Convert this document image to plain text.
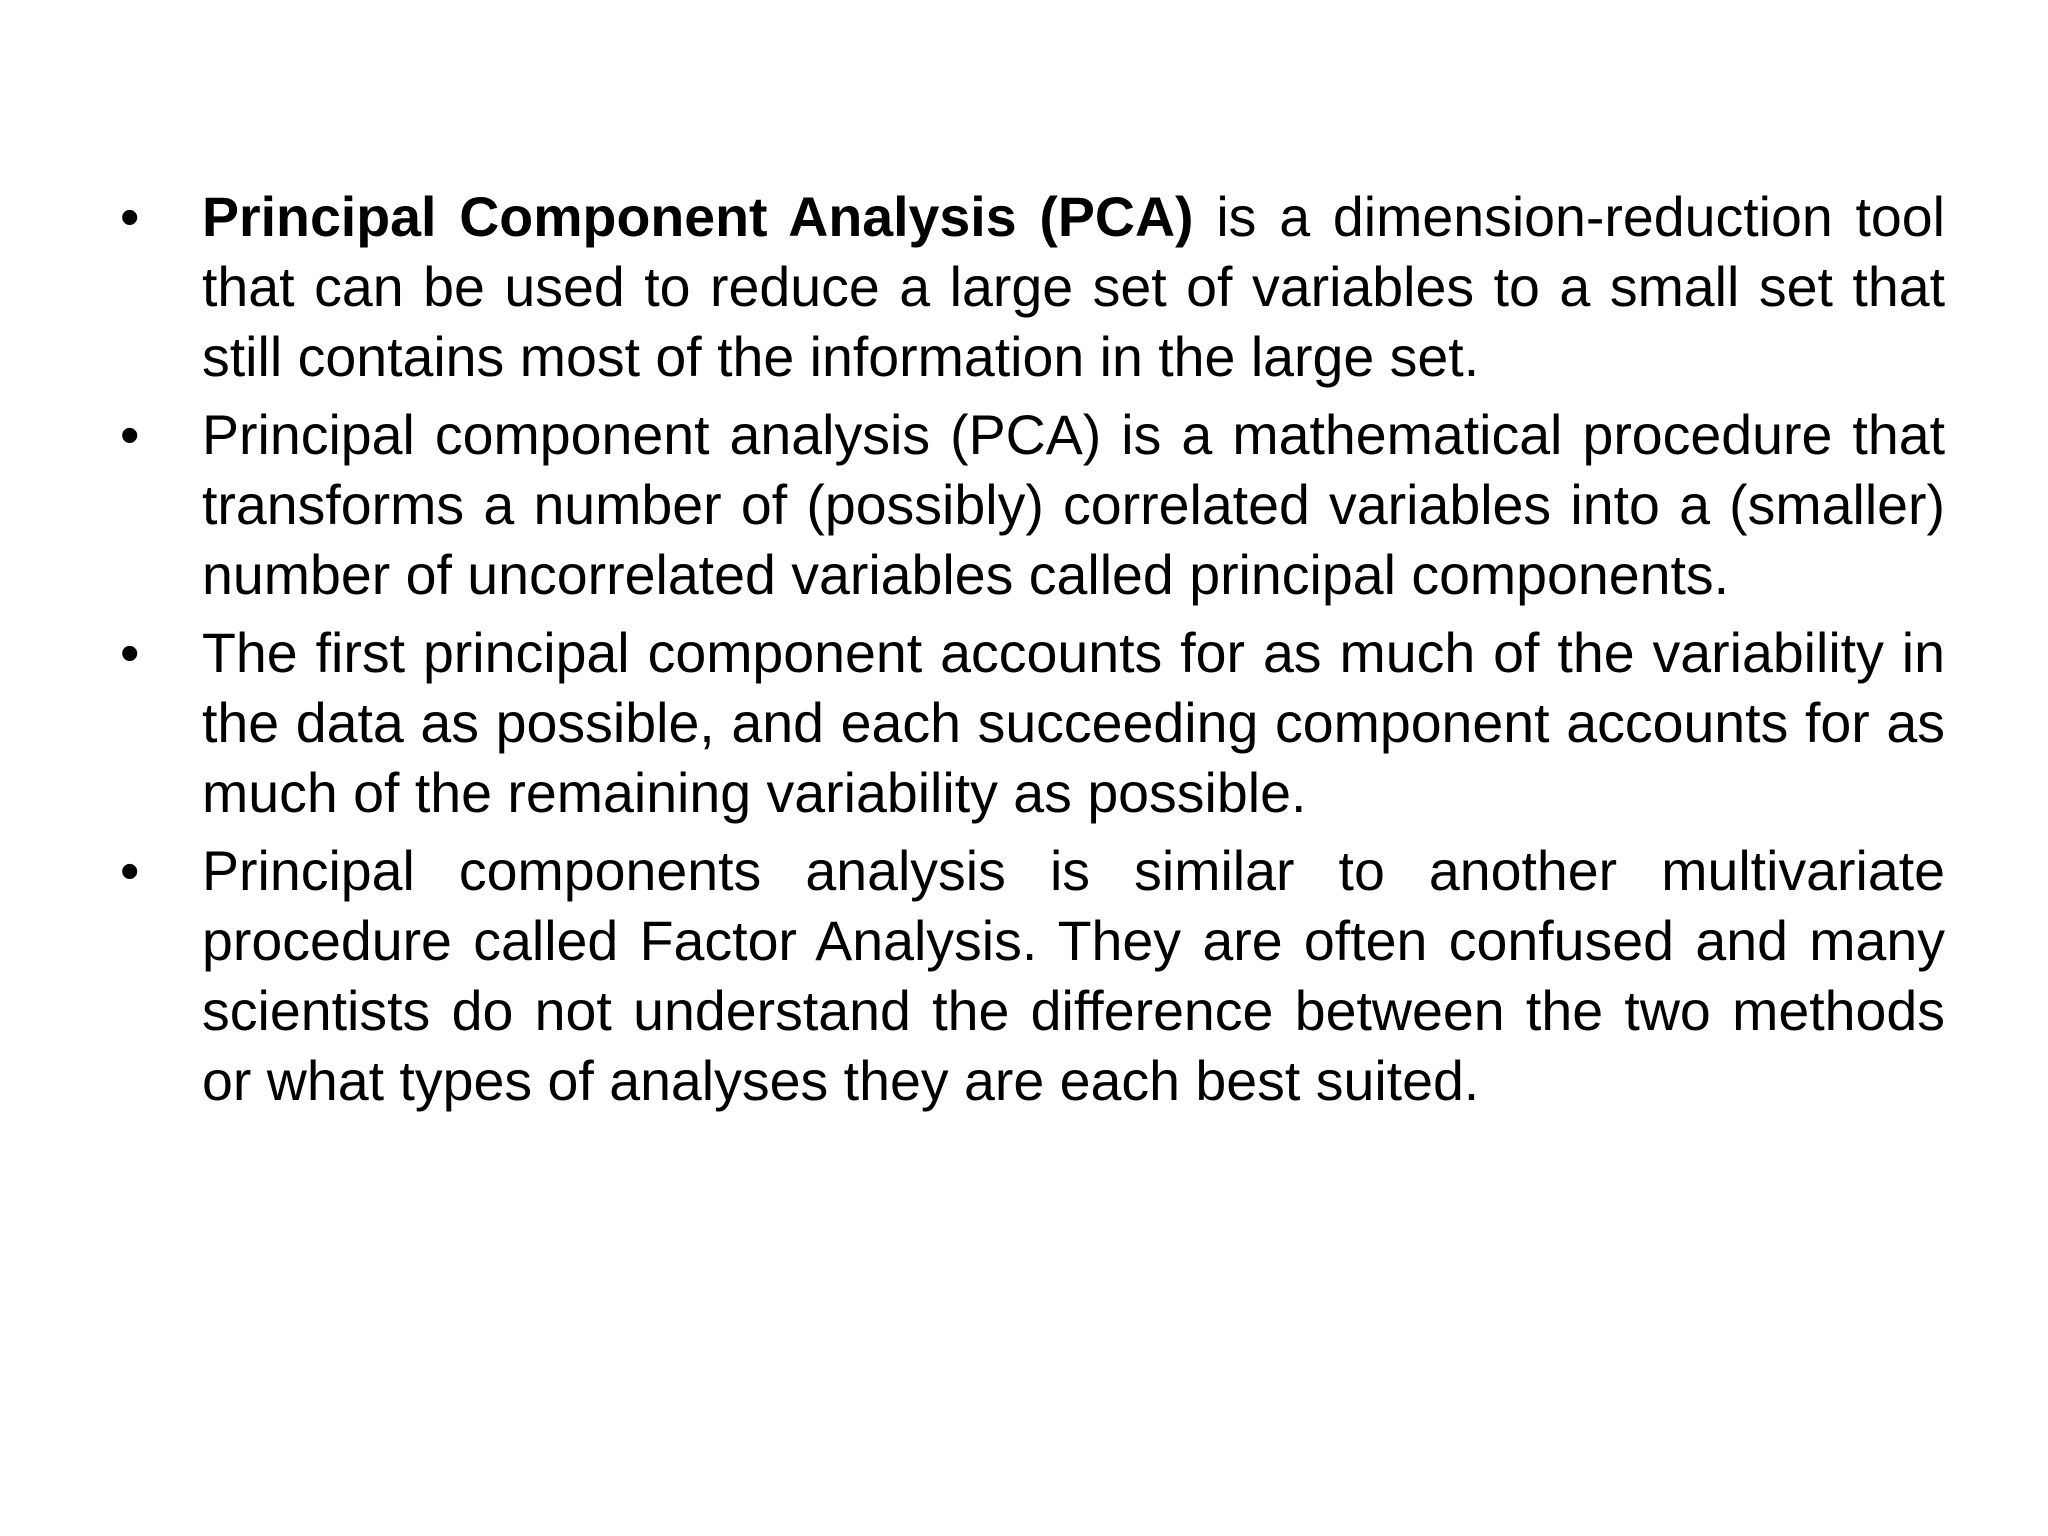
•	Principal Component Analysis (PCA) is a dimension-reduction tool that can be used to reduce a large set of variables to a small set that still contains most of the information in the large set.
•	Principal component analysis (PCA) is a mathematical procedure that transforms a number of (possibly) correlated variables into a (smaller) number of uncorrelated variables called principal components.
•	The first principal component accounts for as much of the variability in the data as possible, and each succeeding component accounts for as much of the remaining variability as possible.
•	Principal components analysis is similar to another multivariate procedure called Factor Analysis. They are often confused and many scientists do not understand the difference between the two methods or what types of analyses they are each best suited.
